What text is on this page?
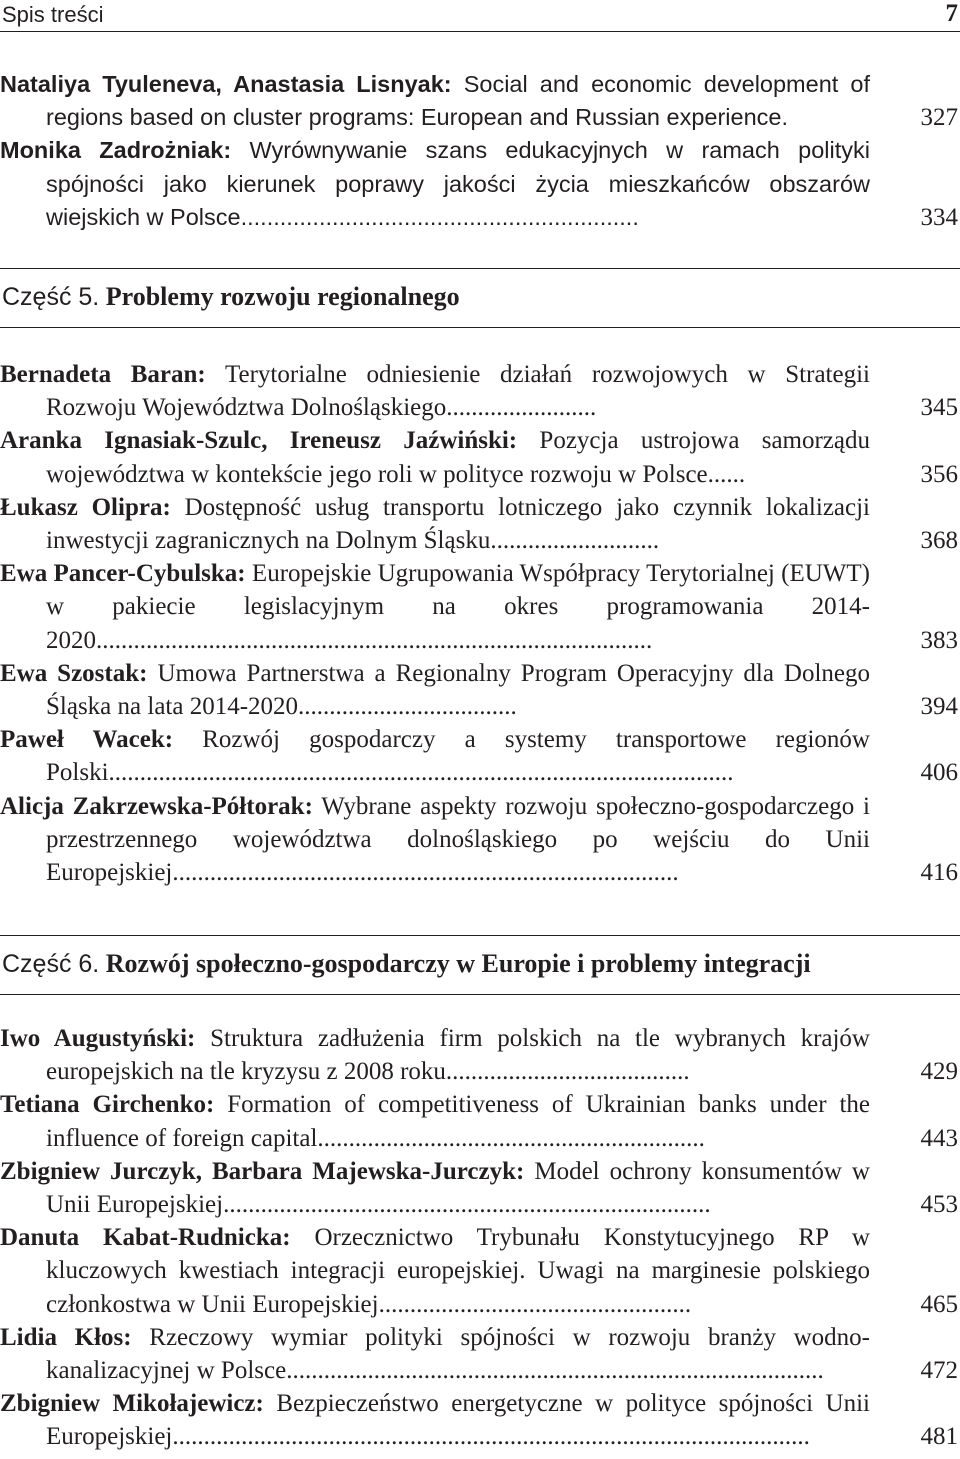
Spis treści	7
Nataliya Tyuleneva, Anastasia Lisnyak: Social and economic development of regions based on cluster programs: European and Russian experience.	327
Monika Zadrożniak: Wyrównywanie szans edukacyjnych w ramach polityki spójności jako kierunek poprawy jakości życia mieszkańców obszarów wiejskich w Polsce.............................................................	334
Część 5. Problemy rozwoju regionalnego
Bernadeta Baran: Terytorialne odniesienie działań rozwojowych w Strategii Rozwoju Województwa Dolnośląskiego........................	345
Aranka Ignasiak-Szulc, Ireneusz Jaźwiński: Pozycja ustrojowa samorządu województwa w kontekście jego roli w polityce rozwoju w Polsce......	356
Łukasz Olipra: Dostępność usług transportu lotniczego jako czynnik lokalizacji inwestycji zagranicznych na Dolnym Śląsku...........................	368
Ewa Pancer-Cybulska: Europejskie Ugrupowania Współpracy Terytorialnej (EUWT) w pakiecie legislacyjnym na okres programowania 2014-2020.........................................................................................	383
Ewa Szostak: Umowa Partnerstwa a Regionalny Program Operacyjny dla Dolnego Śląska na lata 2014-2020...................................	394
Paweł Wacek: Rozwój gospodarczy a systemy transportowe regionów Polski....................................................................................................	406
Alicja Zakrzewska-Półtorak: Wybrane aspekty rozwoju społeczno-gospodarczego i przestrzennego województwa dolnośląskiego po wejściu do Unii Europejskiej.................................................................................	416
Część 6. Rozwój społeczno-gospodarczy w Europie i problemy integracji
Iwo Augustyński: Struktura zadłużenia firm polskich na tle wybranych krajów europejskich na tle kryzysu z 2008 roku.......................................	429
Tetiana Girchenko: Formation of competitiveness of Ukrainian banks under the influence of foreign capital..............................................................	443
Zbigniew Jurczyk, Barbara Majewska-Jurczyk: Model ochrony konsumentów w Unii Europejskiej..............................................................................	453
Danuta Kabat-Rudnicka: Orzecznictwo Trybunału Konstytucyjnego RP w kluczowych kwestiach integracji europejskiej. Uwagi na marginesie polskiego członkostwa w Unii Europejskiej..................................................	465
Lidia Kłos: Rzeczowy wymiar polityki spójności w rozwoju branży wodno-kanalizacyjnej w Polsce......................................................................................	472
Zbigniew Mikołajewicz: Bezpieczeństwo energetyczne w polityce spójności Unii Europejskiej......................................................................................................	481
